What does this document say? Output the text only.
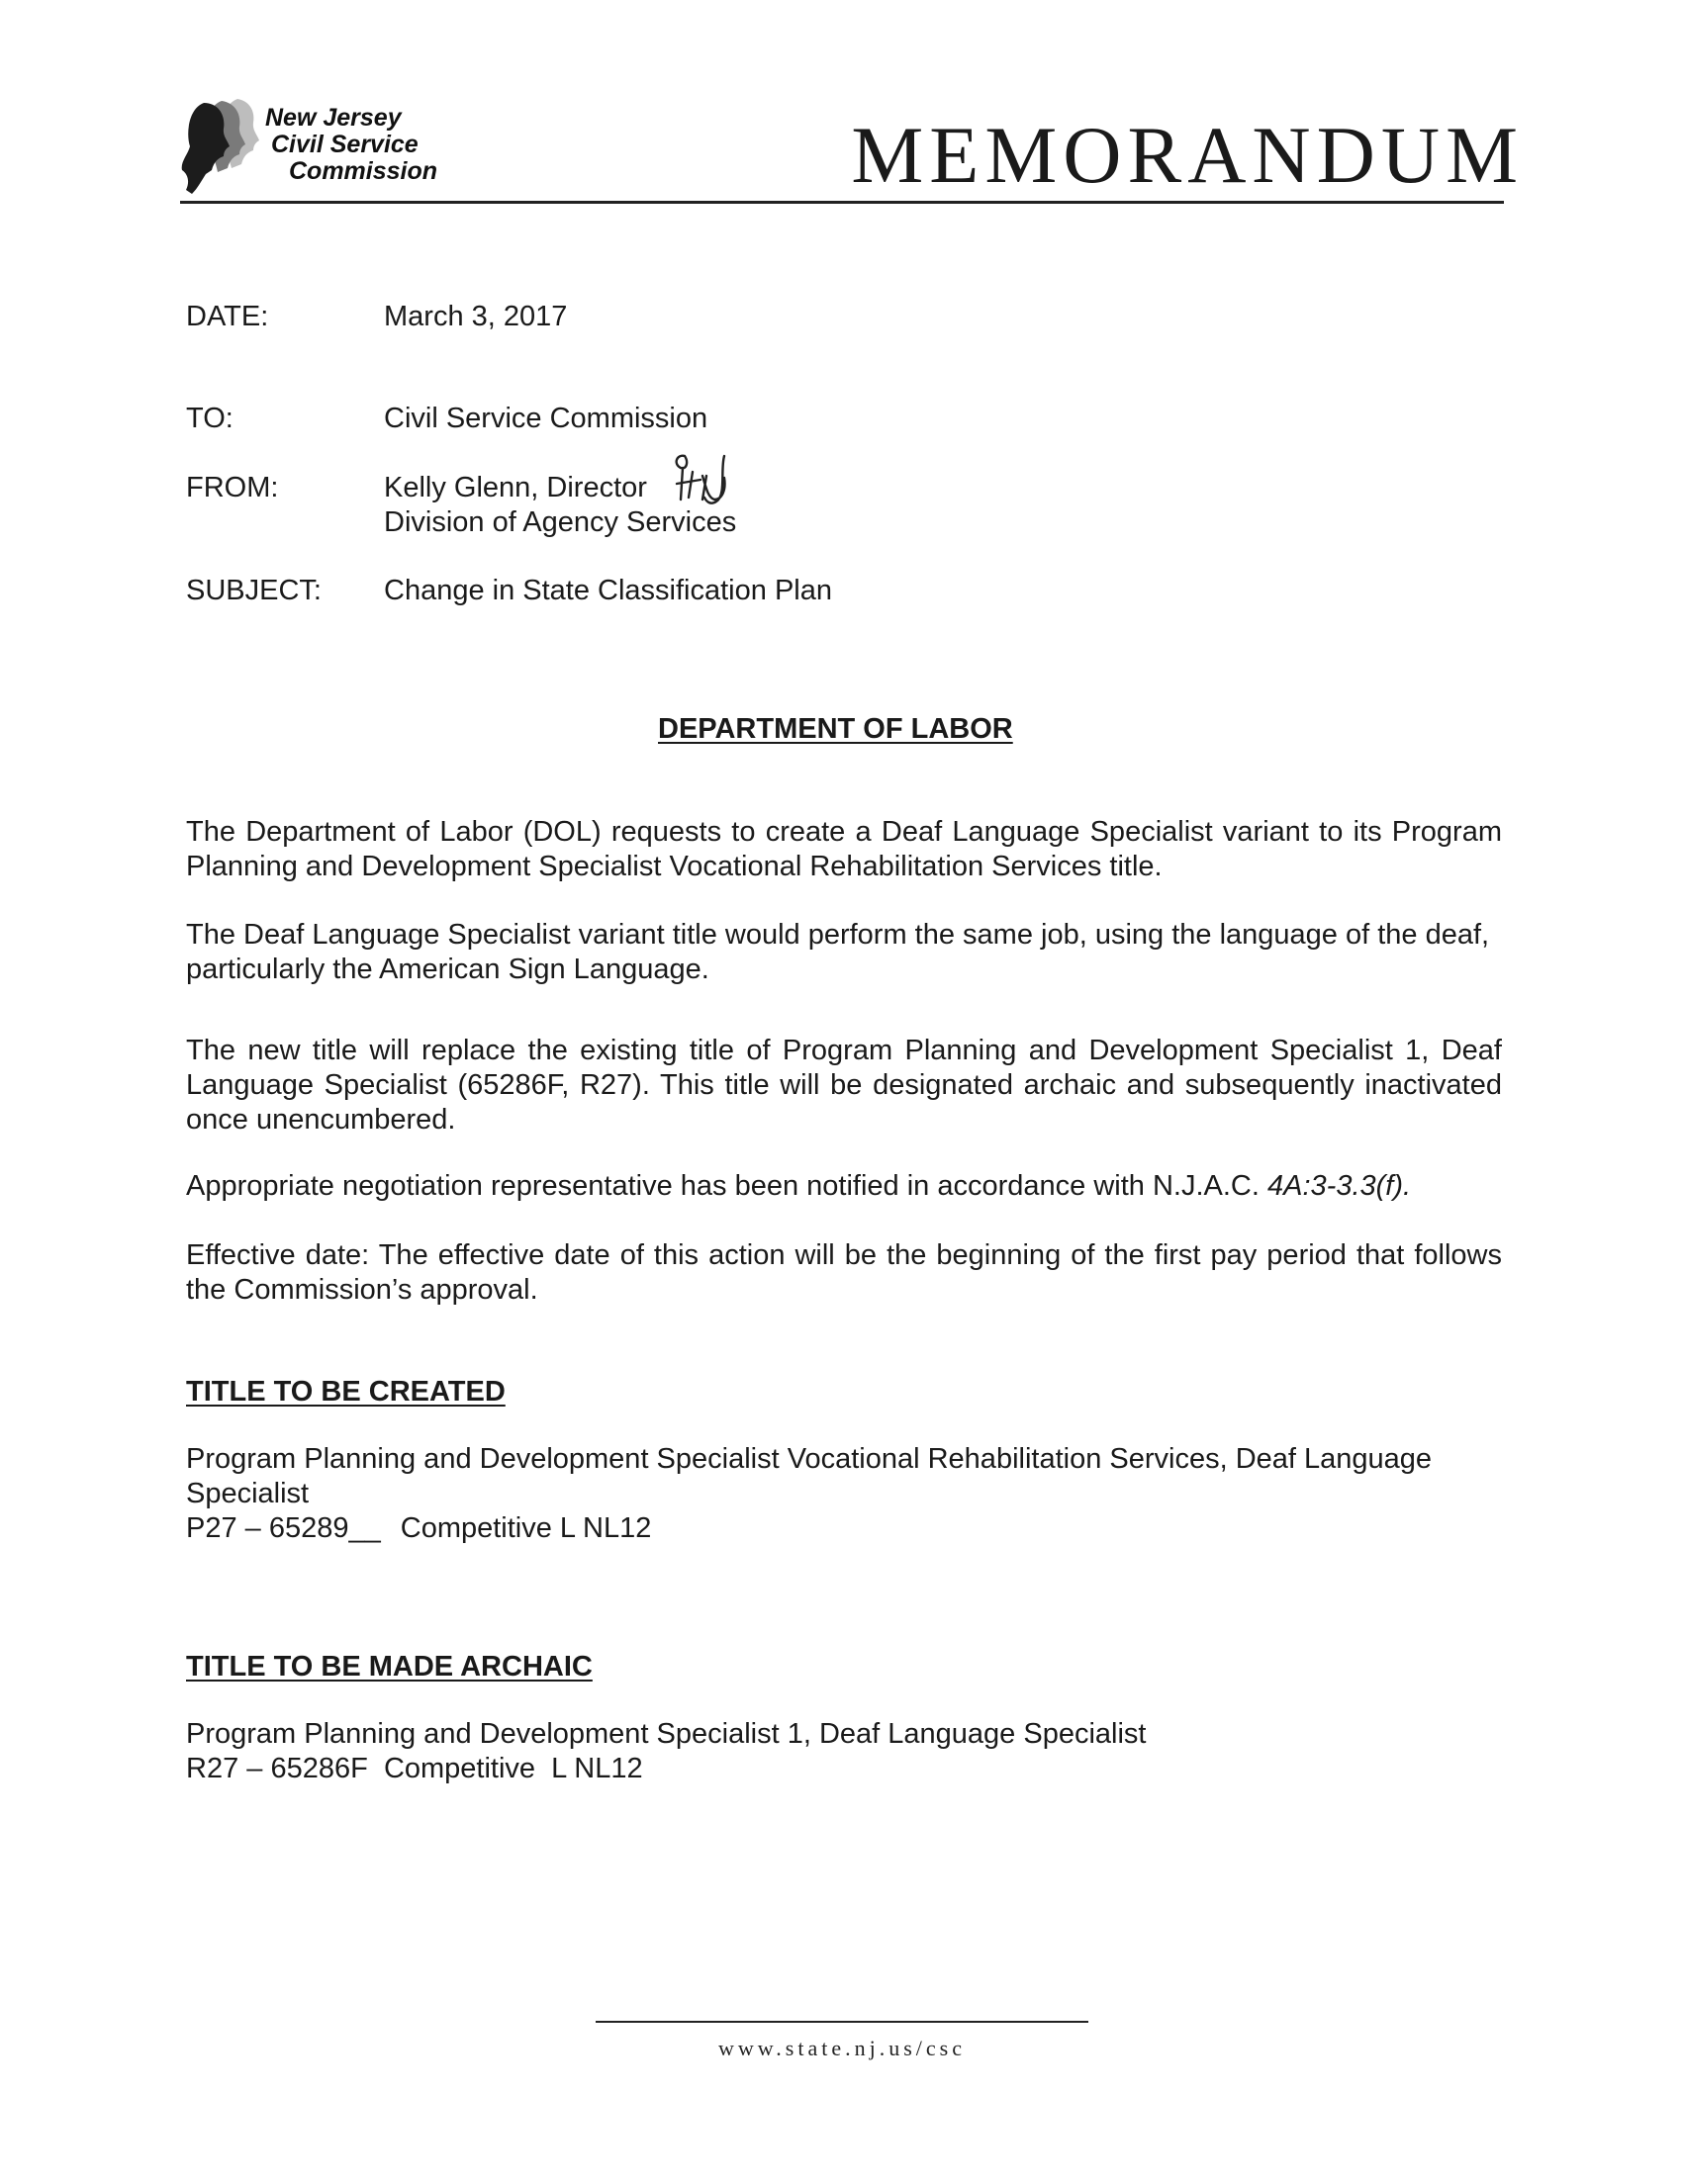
New Jersey
Civil Service
Commission	MEMORANDUM
DATE:	March 3, 2017
TO:	Civil Service Commission
FROM:	Kelly Glenn, Director
Division of Agency Services
SUBJECT: Change in State Classification Plan
DEPARTMENT OF LABOR
The Department of Labor (DOL) requests to create a Deaf Language Specialist variant to its Program Planning and Development Specialist Vocational Rehabilitation Services title.
The Deaf Language Specialist variant title would perform the same job, using the language of the deaf, particularly the American Sign Language.
The new title will replace the existing title of Program Planning and Development Specialist 1, Deaf Language Specialist (65286F, R27). This title will be designated archaic and subsequently inactivated once unencumbered.
Appropriate negotiation representative has been notified in accordance with N.J.A.C. 4A:3-3.3(f).
Effective date: The effective date of this action will be the beginning of the first pay period that follows the Commission’s approval.
TITLE TO BE CREATED
Program Planning and Development Specialist Vocational Rehabilitation Services, Deaf Language Specialist
P27 – 65289__ Competitive L NL12
TITLE TO BE MADE ARCHAIC
Program Planning and Development Specialist 1, Deaf Language Specialist
R27 – 65286F Competitive  L NL12
www.state.nj.us/csc
